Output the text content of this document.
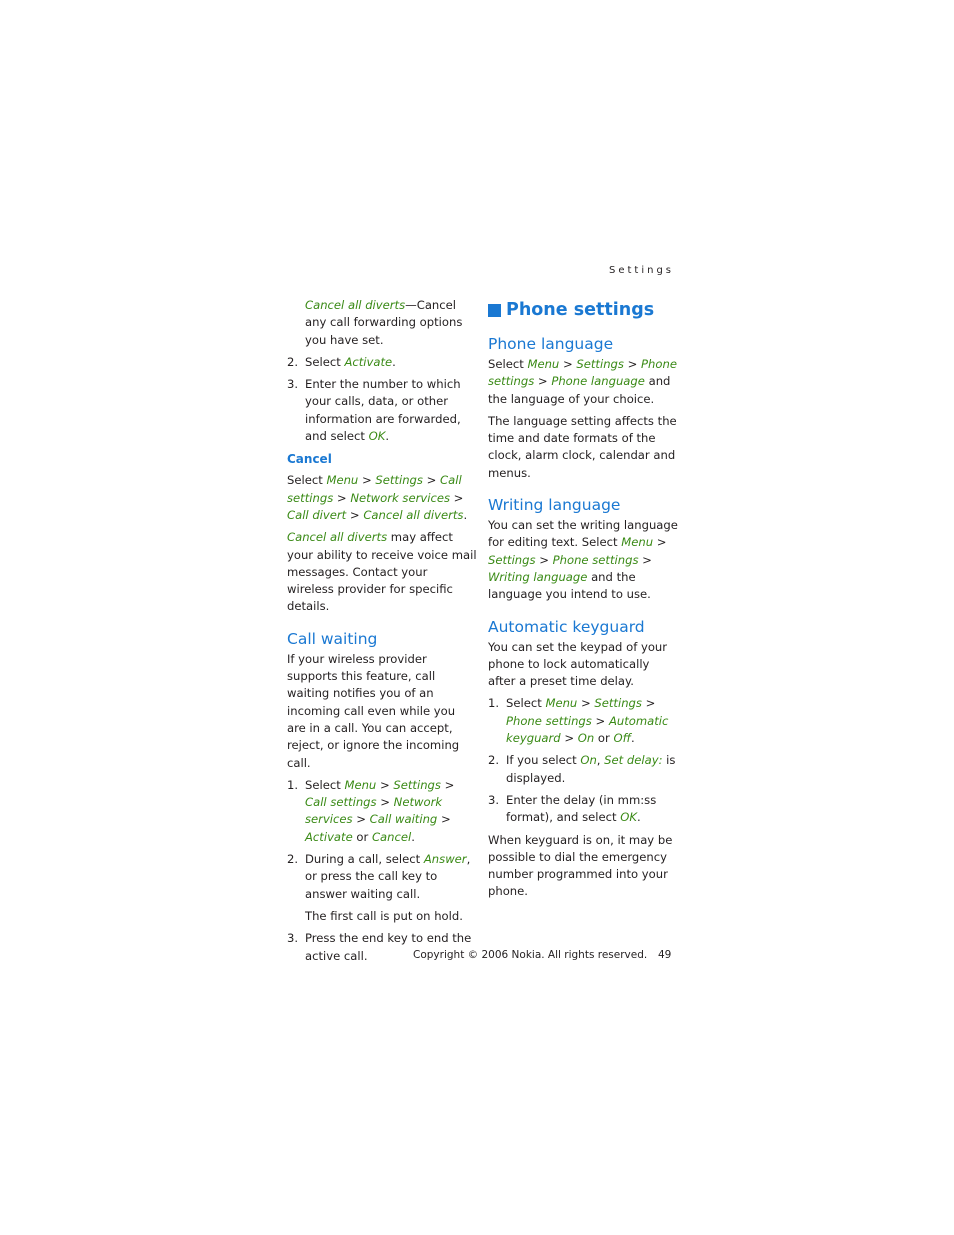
Settings

Cancel all diverts—Cancel any call forwarding options you have set.

2. Select Activate.
3. Enter the number to which your calls, data, or other information are forwarded, and select OK.
Cancel

Select Menu > Settings > Call settings > Network services > Call divert > Cancel all diverts.

Cancel all diverts may affect your ability to receive voice mail messages. Contact your wireless provider for specific details.

Call waiting

If your wireless provider supports this feature, call waiting notifies you of an incoming call even while you are in a call. You can accept, reject, or ignore the incoming call.

1. Select Menu > Settings > Call settings > Network services > Call waiting > Activate or Cancel.
2. During a call, select Answer, or press the call key to answer waiting call.
The first call is put on hold.
3. Press the end key to end the active call.
Phone settings
Phone language

Select Menu > Settings > Phone settings > Phone language and the language of your choice.

The language setting affects the time and date formats of the clock, alarm clock, calendar and menus.

Writing language

You can set the writing language for editing text. Select Menu > Settings > Phone settings > Writing language and the language you intend to use.

Automatic keyguard

You can set the keypad of your phone to lock automatically after a preset time delay.

1. Select Menu > Settings > Phone settings > Automatic keyguard > On or Off.
2. If you select On, Set delay: is displayed.
3. Enter the delay (in mm:ss format), and select OK.

When keyguard is on, it may be possible to dial the emergency number programmed into your phone.

Copyright © 2006 Nokia. All rights reserved. 49
